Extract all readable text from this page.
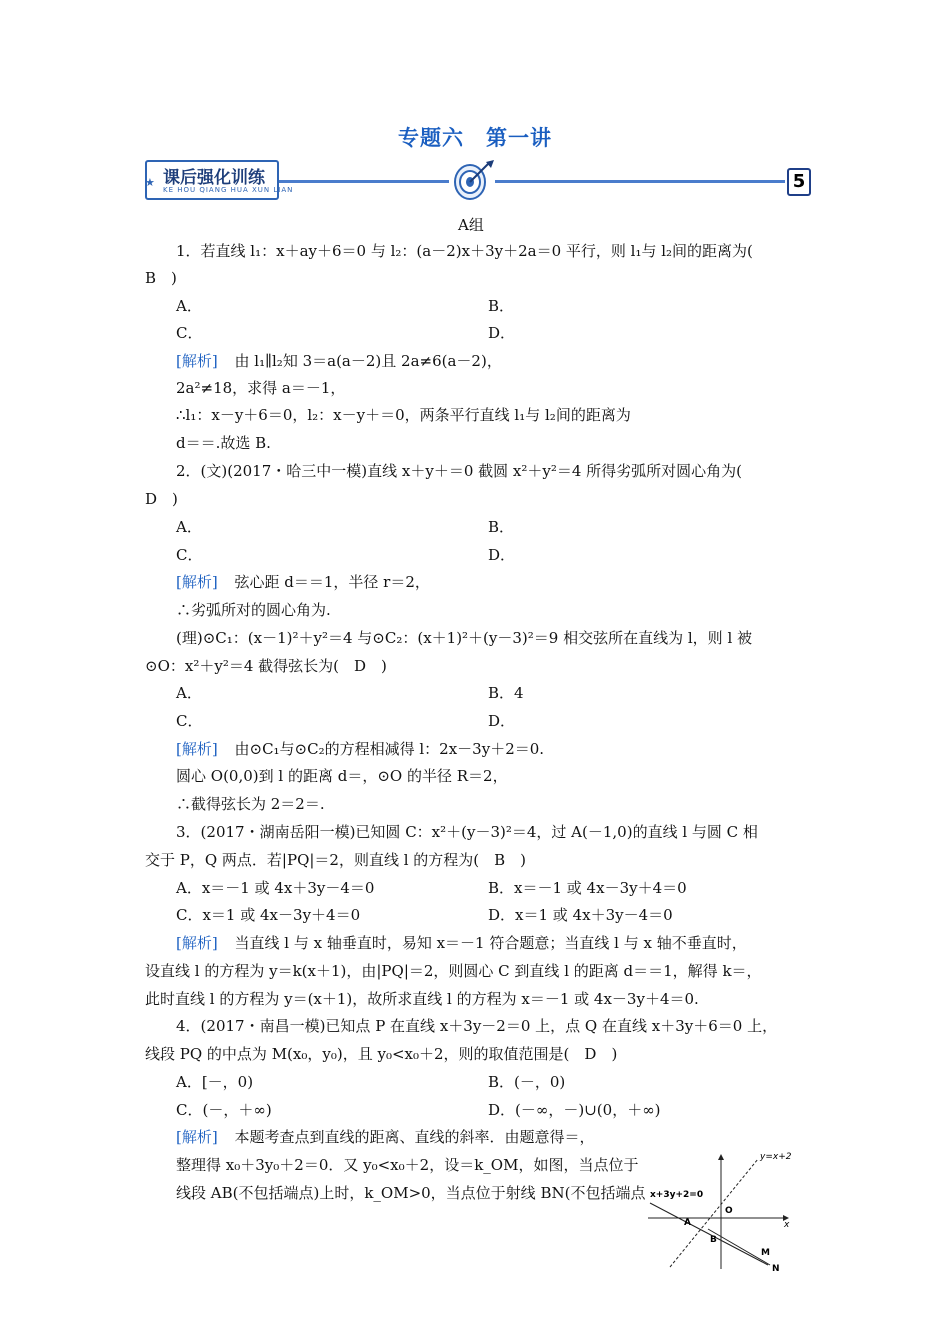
专题六　第一讲
★ 课后强化训练
KE HOU QIANG HUA XUN LIAN	5
A组
1．若直线 l₁：x＋ay＋6＝0 与 l₂：(a－2)x＋3y＋2a＝0 平行，则 l₁与 l₂间的距离为(
B　)
A．	B．
C．	D．
[解析] 由 l₁∥l₂知 3＝a(a－2)且 2a≠6(a－2)，
2a²≠18，求得 a＝－1，
∴l₁：x－y＋6＝0，l₂：x－y＋＝0，两条平行直线 l₁与 l₂间的距离为
d＝＝.故选 B.
2．(文)(2017・哈三中一模)直线 x＋y＋＝0 截圆 x²＋y²＝4 所得劣弧所对圆心角为(
D　)
A．	B．
C．	D．
[解析] 弦心距 d＝＝1，半径 r＝2，
∴劣弧所对的圆心角为.
(理)⊙C₁：(x－1)²＋y²＝4 与⊙C₂：(x＋1)²＋(y－3)²＝9 相交弦所在直线为 l，则 l 被
⊙O：x²＋y²＝4 截得弦长为(　D　)
A．	B．4
C．	D．
[解析] 由⊙C₁与⊙C₂的方程相减得 l：2x－3y＋2＝0.
圆心 O(0,0)到 l 的距离 d＝，⊙O 的半径 R＝2，
∴截得弦长为 2＝2＝.
3．(2017・湖南岳阳一模)已知圆 C：x²＋(y－3)²＝4，过 A(－1,0)的直线 l 与圆 C 相
交于 P，Q 两点．若|PQ|＝2，则直线 l 的方程为(　B　)
A．x＝－1 或 4x＋3y－4＝0	B．x＝－1 或 4x－3y＋4＝0
C．x＝1 或 4x－3y＋4＝0	D．x＝1 或 4x＋3y－4＝0
[解析] 当直线 l 与 x 轴垂直时，易知 x＝－1 符合题意；当直线 l 与 x 轴不垂直时，
设直线 l 的方程为 y＝k(x＋1)，由|PQ|＝2，则圆心 C 到直线 l 的距离 d＝＝1，解得 k＝，
此时直线 l 的方程为 y＝(x＋1)，故所求直线 l 的方程为 x＝－1 或 4x－3y＋4＝0.
4．(2017・南昌一模)已知点 P 在直线 x＋3y－2＝0 上，点 Q 在直线 x＋3y＋6＝0 上，
线段 PQ 的中点为 M(x₀，y₀)，且 y₀<x₀＋2，则的取值范围是(　D　)
A．[－，0)	B．(－，0)
C．(－，＋∞)	D．(－∞，－)∪(0，＋∞)
[解析] 本题考查点到直线的距离、直线的斜率．由题意得＝，
整理得 x₀＋3y₀＋2＝0．又 y₀<x₀＋2，设＝k_OM，如图，当点位于
线段 AB(不包括端点)上时，k_OM>0，当点位于射线 BN(不包括端点
y=x+2
x+3y+2=0
O
x
A
B
M
N
